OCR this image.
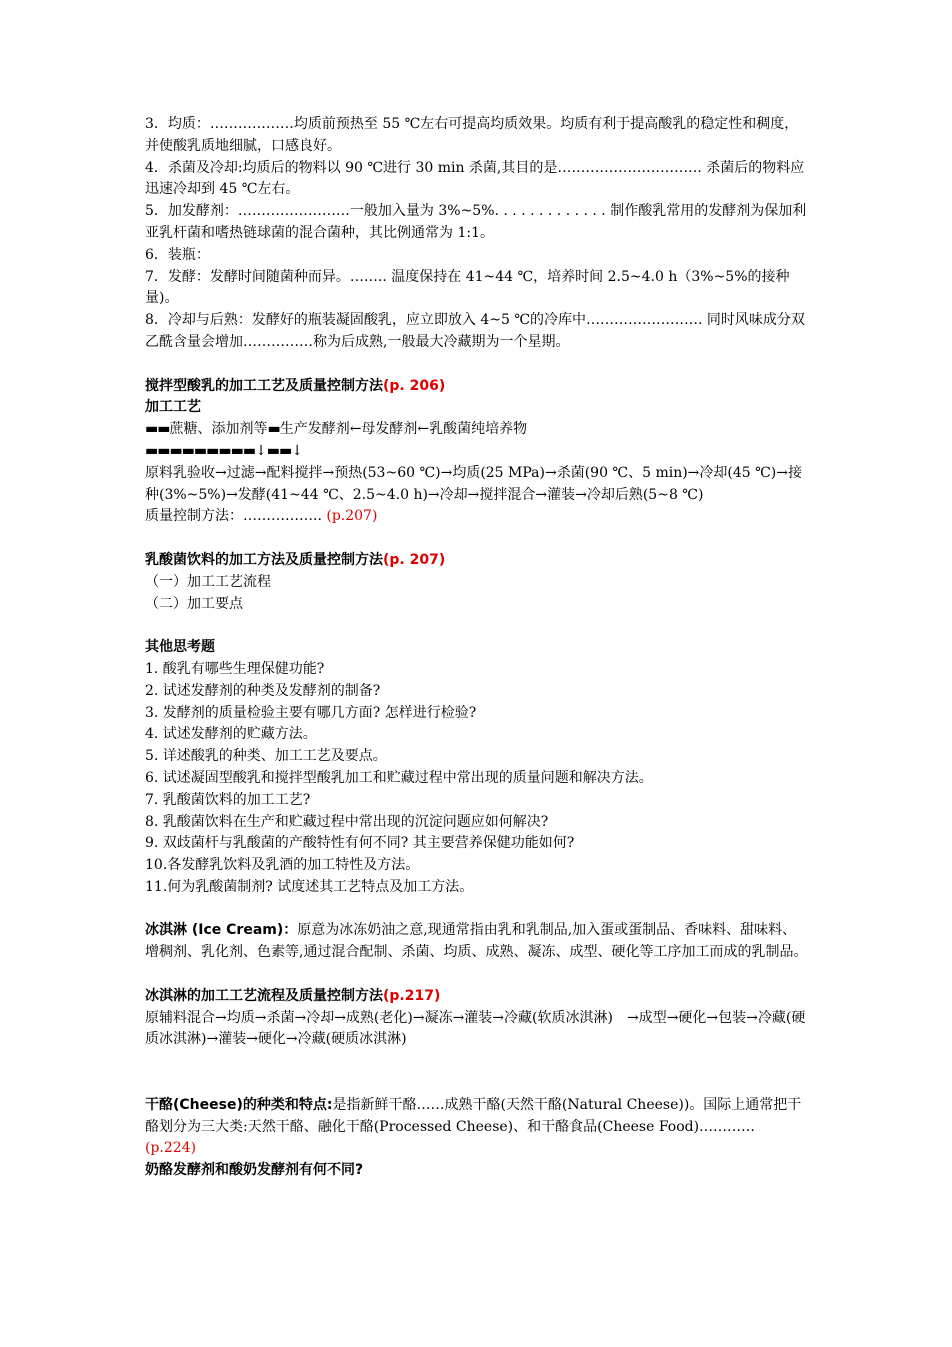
3．均质：………………均质前预热至 55 ℃左右可提高均质效果。均质有利于提高酸乳的稳定性和稠度，并使酸乳质地细腻，口感良好。

4．杀菌及冷却:均质后的物料以 90 ℃进行 30 min 杀菌,其目的是…………………………. 杀菌后的物料应迅速冷却到 45 ℃左右。

5．加发酵剂：……………………一般加入量为 3%~5%. . . . . . . . . . . . . 制作酸乳常用的发酵剂为保加利亚乳杆菌和嗜热链球菌的混合菌种，其比例通常为 1:1。

6．装瓶：

7．发酵：发酵时间随菌种而异。…….. 温度保持在 41~44 ℃，培养时间 2.5~4.0 h（3%~5%的接种量)。

8．冷却与后熟：发酵好的瓶装凝固酸乳，应立即放入 4~5 ℃的冷库中……………………. 同时风味成分双乙酰含量会增加……………称为后成熟,一般最大冷藏期为一个星期。

搅拌型酸乳的加工工艺及质量控制方法(p. 206)

加工工艺

▬▬蔗糖、添加剂等▬生产发酵剂←母发酵剂←乳酸菌纯培养物

▬▬▬▬▬▬▬▬▬↓▬▬↓

原料乳验收→过滤→配料搅拌→预热(53~60 ℃)→均质(25 MPa)→杀菌(90 ℃、5 min)→冷却(45 ℃)→接种(3%~5%)→发酵(41~44 ℃、2.5~4.0 h)→冷却→搅拌混合→灌装→冷却后熟(5~8 ℃)

质量控制方法：…………….. (p.207)

乳酸菌饮料的加工方法及质量控制方法(p. 207)

（一）加工工艺流程

（二）加工要点

其他思考题

1. 酸乳有哪些生理保健功能?

2. 试述发酵剂的种类及发酵剂的制备?

3. 发酵剂的质量检验主要有哪几方面? 怎样进行检验?

4. 试述发酵剂的贮藏方法。

5. 详述酸乳的种类、加工工艺及要点。

6. 试述凝固型酸乳和搅拌型酸乳加工和贮藏过程中常出现的质量问题和解决方法。

7. 乳酸菌饮料的加工工艺?

8. 乳酸菌饮料在生产和贮藏过程中常出现的沉淀问题应如何解决?

9. 双歧菌杆与乳酸菌的产酸特性有何不同? 其主要营养保健功能如何?

10.各发酵乳饮料及乳酒的加工特性及方法。

11.何为乳酸菌制剂? 试度述其工艺特点及加工方法。

冰淇淋 (Ice Cream)：原意为冰冻奶油之意,现通常指由乳和乳制品,加入蛋或蛋制品、香味料、甜味料、增稠剂、乳化剂、色素等,通过混合配制、杀菌、均质、成熟、凝冻、成型、硬化等工序加工而成的乳制品。

冰淇淋的加工工艺流程及质量控制方法(p.217)

原辅料混合→均质→杀菌→冷却→成熟(老化)→凝冻→灌装→冷藏(软质冰淇淋)　→成型→硬化→包装→冷藏(硬质冰淇淋)→灌装→硬化→冷藏(硬质冰淇淋)

干酪(Cheese)的种类和特点:是指新鲜干酪……成熟干酪(天然干酪(Natural Cheese))。国际上通常把干酪划分为三大类:天然干酪、融化干酪(Processed Cheese)、和干酪食品(Cheese Food)…………　(p.224)

奶酪发酵剂和酸奶发酵剂有何不同?
